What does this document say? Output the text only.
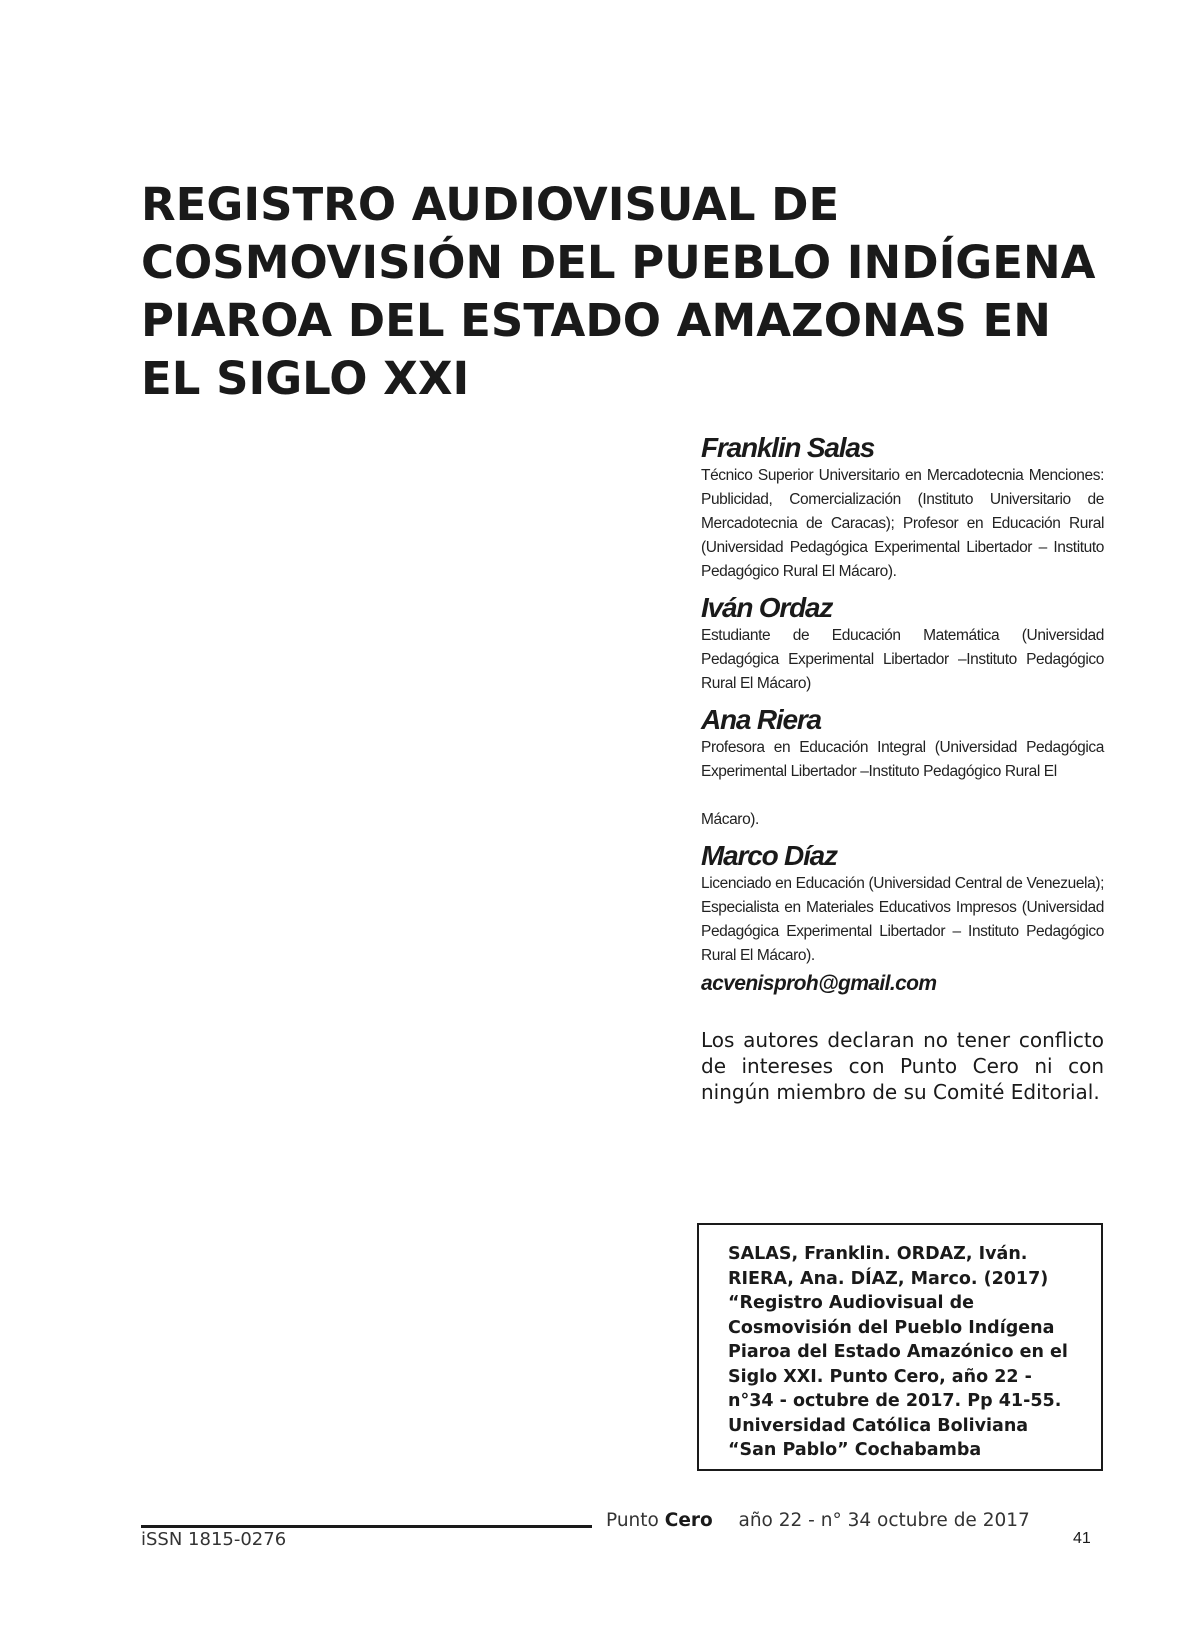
REGISTRO AUDIOVISUAL DE
COSMOVISIÓN DEL PUEBLO INDÍGENA
PIAROA DEL ESTADO AMAZONAS EN
EL SIGLO XXI

Franklin Salas

Técnico Superior Universitario en Mercadotecnia Menciones: Publicidad, Comercialización (Instituto Universitario de Mercadotecnia de Caracas); Profesor en Educación Rural (Universidad Pedagógica Experimental Libertador – Instituto Pedagógico Rural El Mácaro).

Iván Ordaz

Estudiante de Educación Matemática (Universidad Pedagógica Experimental Libertador –Instituto Pedagógico Rural El Mácaro)

Ana Riera

Profesora en Educación Integral (Universidad Pedagógica Experimental Libertador –Instituto Pedagógico Rural El

Mácaro).

Marco Díaz

Licenciado en Educación (Universidad Central de Venezuela); Especialista en Materiales Educativos Impresos (Universidad Pedagógica Experimental Libertador – Instituto Pedagógico Rural El Mácaro).

acvenisproh@gmail.com

Los autores declaran no tener conflicto de intereses con Punto Cero ni con ningún miembro de su Comité Editorial.

SALAS, Franklin. ORDAZ, Iván. RIERA, Ana. DÍAZ, Marco. (2017) “Registro Audiovisual de Cosmovisión del Pueblo Indígena Piaroa del Estado Amazónico en el Siglo XXI. Punto Cero, año 22 - n°34 - octubre de 2017. Pp 41-55. Universidad Católica Boliviana “San Pablo” Cochabamba

iSSN 1815-0276
Punto Cero año 22 - n° 34 octubre de 2017
41
